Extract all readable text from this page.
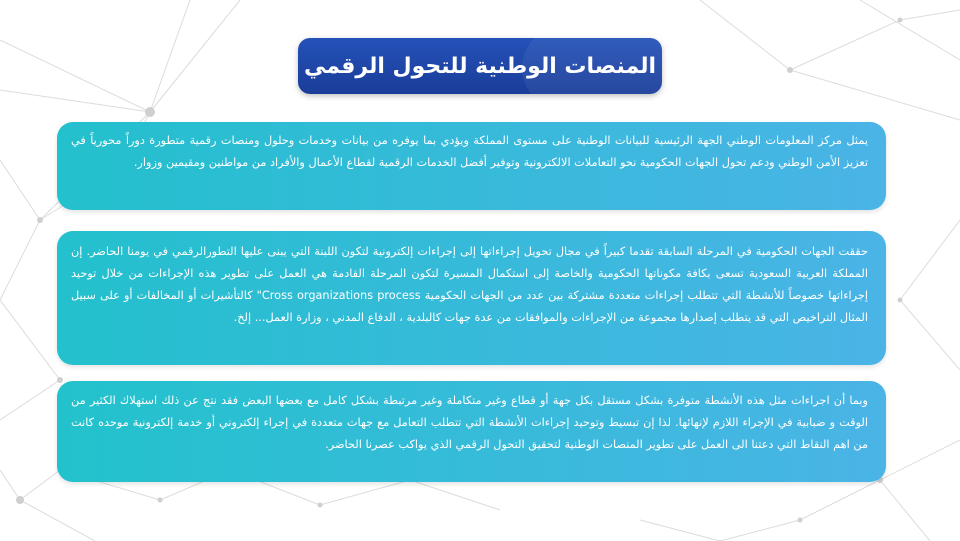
المنصات الوطنية للتحول الرقمي

يمثل مركز المعلومات الوطني الجهة الرئيسية للبيانات الوطنية على مستوى المملكة ويؤدي بما يوفره من بيانات وخدمات وحلول ومنصات رقمية متطورة دوراً محورياً في تعزيز الأمن الوطني ودعم تحول الجهات الحكومية نحو التعاملات الالكترونية وتوفير أفضل الخدمات الرقمية لقطاع الأعمال والأفراد من مواطنين ومقيمين وزوار.

حققت الجهات الحكومية في المرحلة السابقة تقدما كبيراً في مجال تحويل إجراءاتها إلى إجراءات إلكترونية لتكون اللبنة التي يبنى عليها التطورالرقمي في يومنا الحاضر. إن المملكة العربية السعودية تسعى بكافة مكوناتها الحكومية والخاصة إلى استكمال المسيرة لتكون المرحلة القادمة هي العمل على تطوير هذه الإجراءات من خلال توحيد إجراءاتها خصوصاً للأنشطة التي تتطلب إجراءات متعددة مشتركة بين عدد من الجهات الحكومية Cross organizations process" كالتأشيرات أو المخالفات أو على سبيل المثال التراخيص التي قد يتطلب إصدارها مجموعة من الإجراءات والموافقات من عدة جهات كالبلدية ، الدفاع المدني ، وزارة العمل... إلخ.

وبما أن اجراءات مثل هذه الأنشطة متوفرة بشكل مستقل بكل جهة أو قطاع وغير متكاملة وغير مرتبطة بشكل كامل مع بعضها البعض فقد نتج عن ذلك استهلاك الكثير من الوقت و ضبابية في الإجراء اللازم لإنهائها. لذا إن تبسيط وتوحيد إجراءات الأنشطة التي تتطلب التعامل مع جهات متعددة في إجراء إلكتروني أو خدمة إلكترونية موحده كانت من اهم النقاط التي دعتنا الى العمل على تطوير المنصات الوطنية لتحقيق التحول الرقمي الذي يواكب عصرنا الحاضر.
